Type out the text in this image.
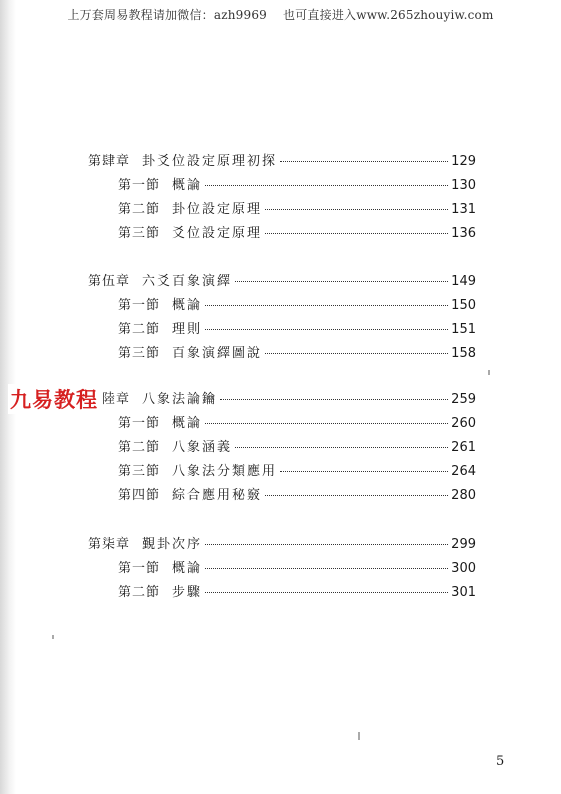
上万套周易教程请加微信：azh9969 也可直接进入www.265zhouyiw.com
第肆章 卦爻位設定原理初探	129
第一節 概論	130
第二節 卦位設定原理	131
第三節 爻位設定原理	136
第伍章 六爻百象演繹	149
第一節 概論	150
第二節 理則	151
第三節 百象演繹圖說	158
陸章 八象法論鑰	259
第一節 概論	260
第二節 八象涵義	261
第三節 八象法分類應用	264
第四節 綜合應用秘竅	280
第柒章 覲卦次序	299
第一節 概論	300
第二節 步驟	301
九易教程
5
